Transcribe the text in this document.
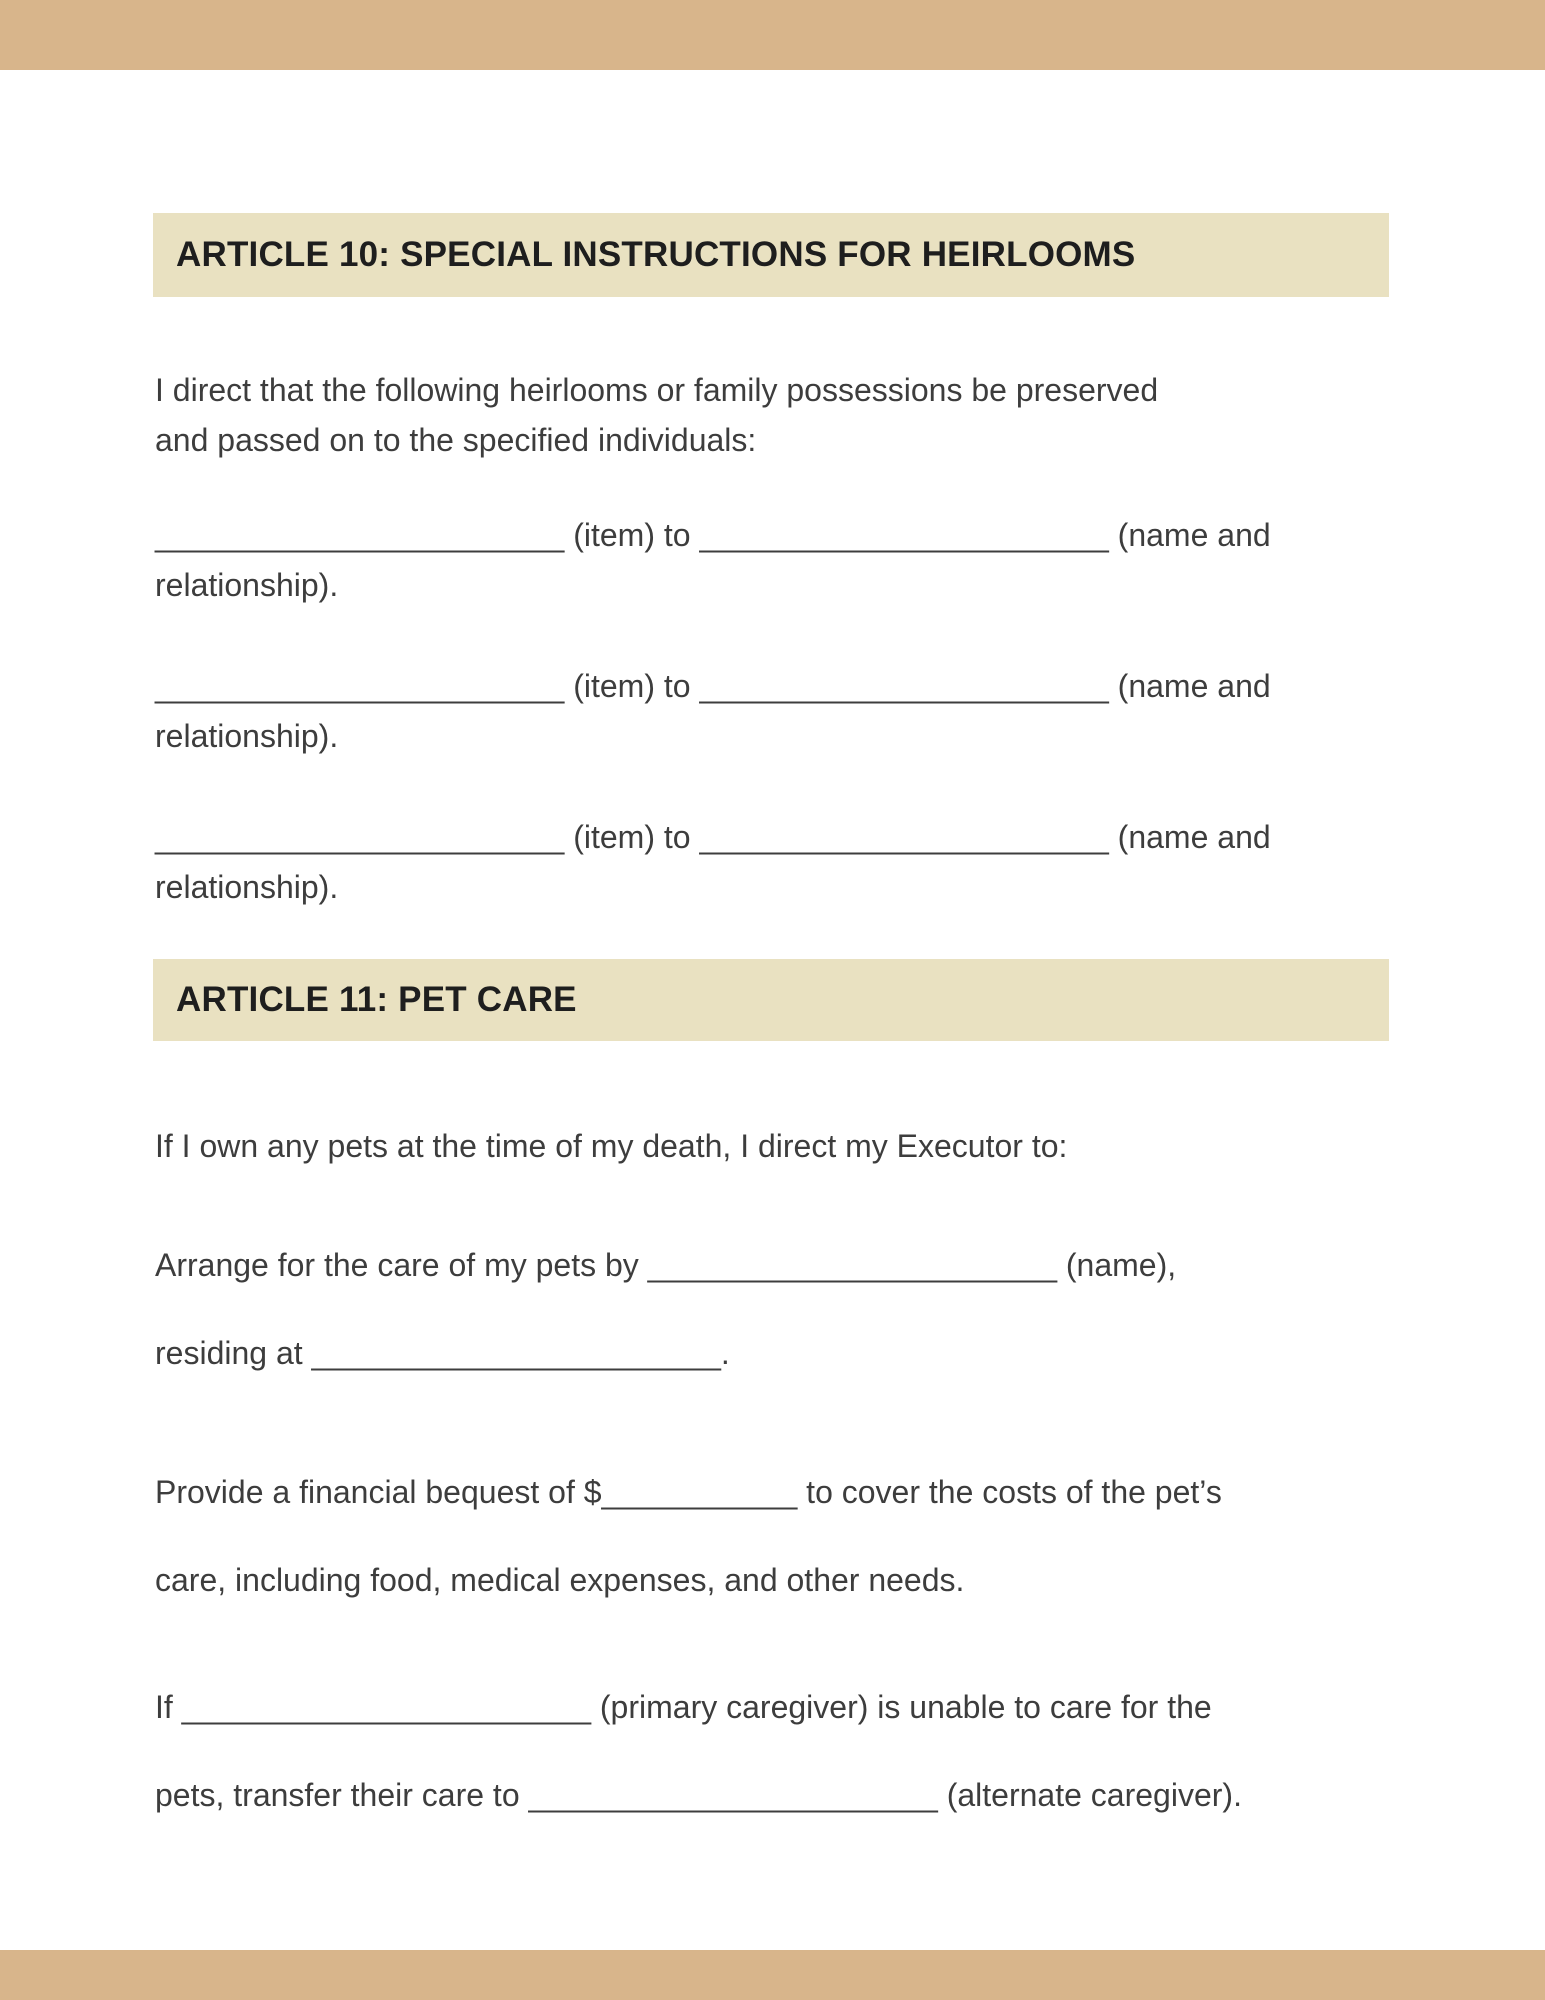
ARTICLE 10: SPECIAL INSTRUCTIONS FOR HEIRLOOMS
I direct that the following heirlooms or family possessions be preserved
and passed on to the specified individuals:
_______________________ (item) to _______________________ (name and
relationship).
_______________________ (item) to _______________________ (name and
relationship).
_______________________ (item) to _______________________ (name and
relationship).
ARTICLE 11: PET CARE
If I own any pets at the time of my death, I direct my Executor to:
Arrange for the care of my pets by _______________________ (name),
residing at _______________________.
Provide a financial bequest of $___________ to cover the costs of the pet’s
care, including food, medical expenses, and other needs.
If _______________________ (primary caregiver) is unable to care for the
pets, transfer their care to _______________________ (alternate caregiver).
